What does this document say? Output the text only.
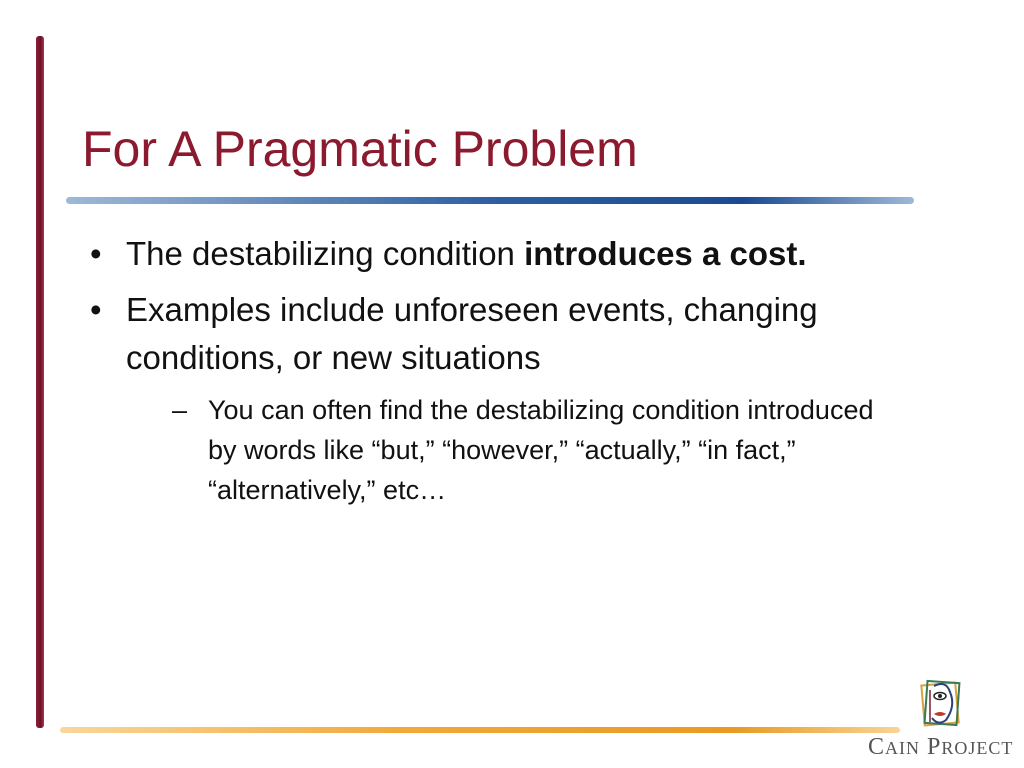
For A Pragmatic Problem
• The destabilizing condition introduces a cost.
• Examples include unforeseen events, changing conditions, or new situations
– You can often find the destabilizing condition introduced by words like “but,” “however,” “actually,” “in fact,” “alternatively,” etc…
CAIN PROJECT
